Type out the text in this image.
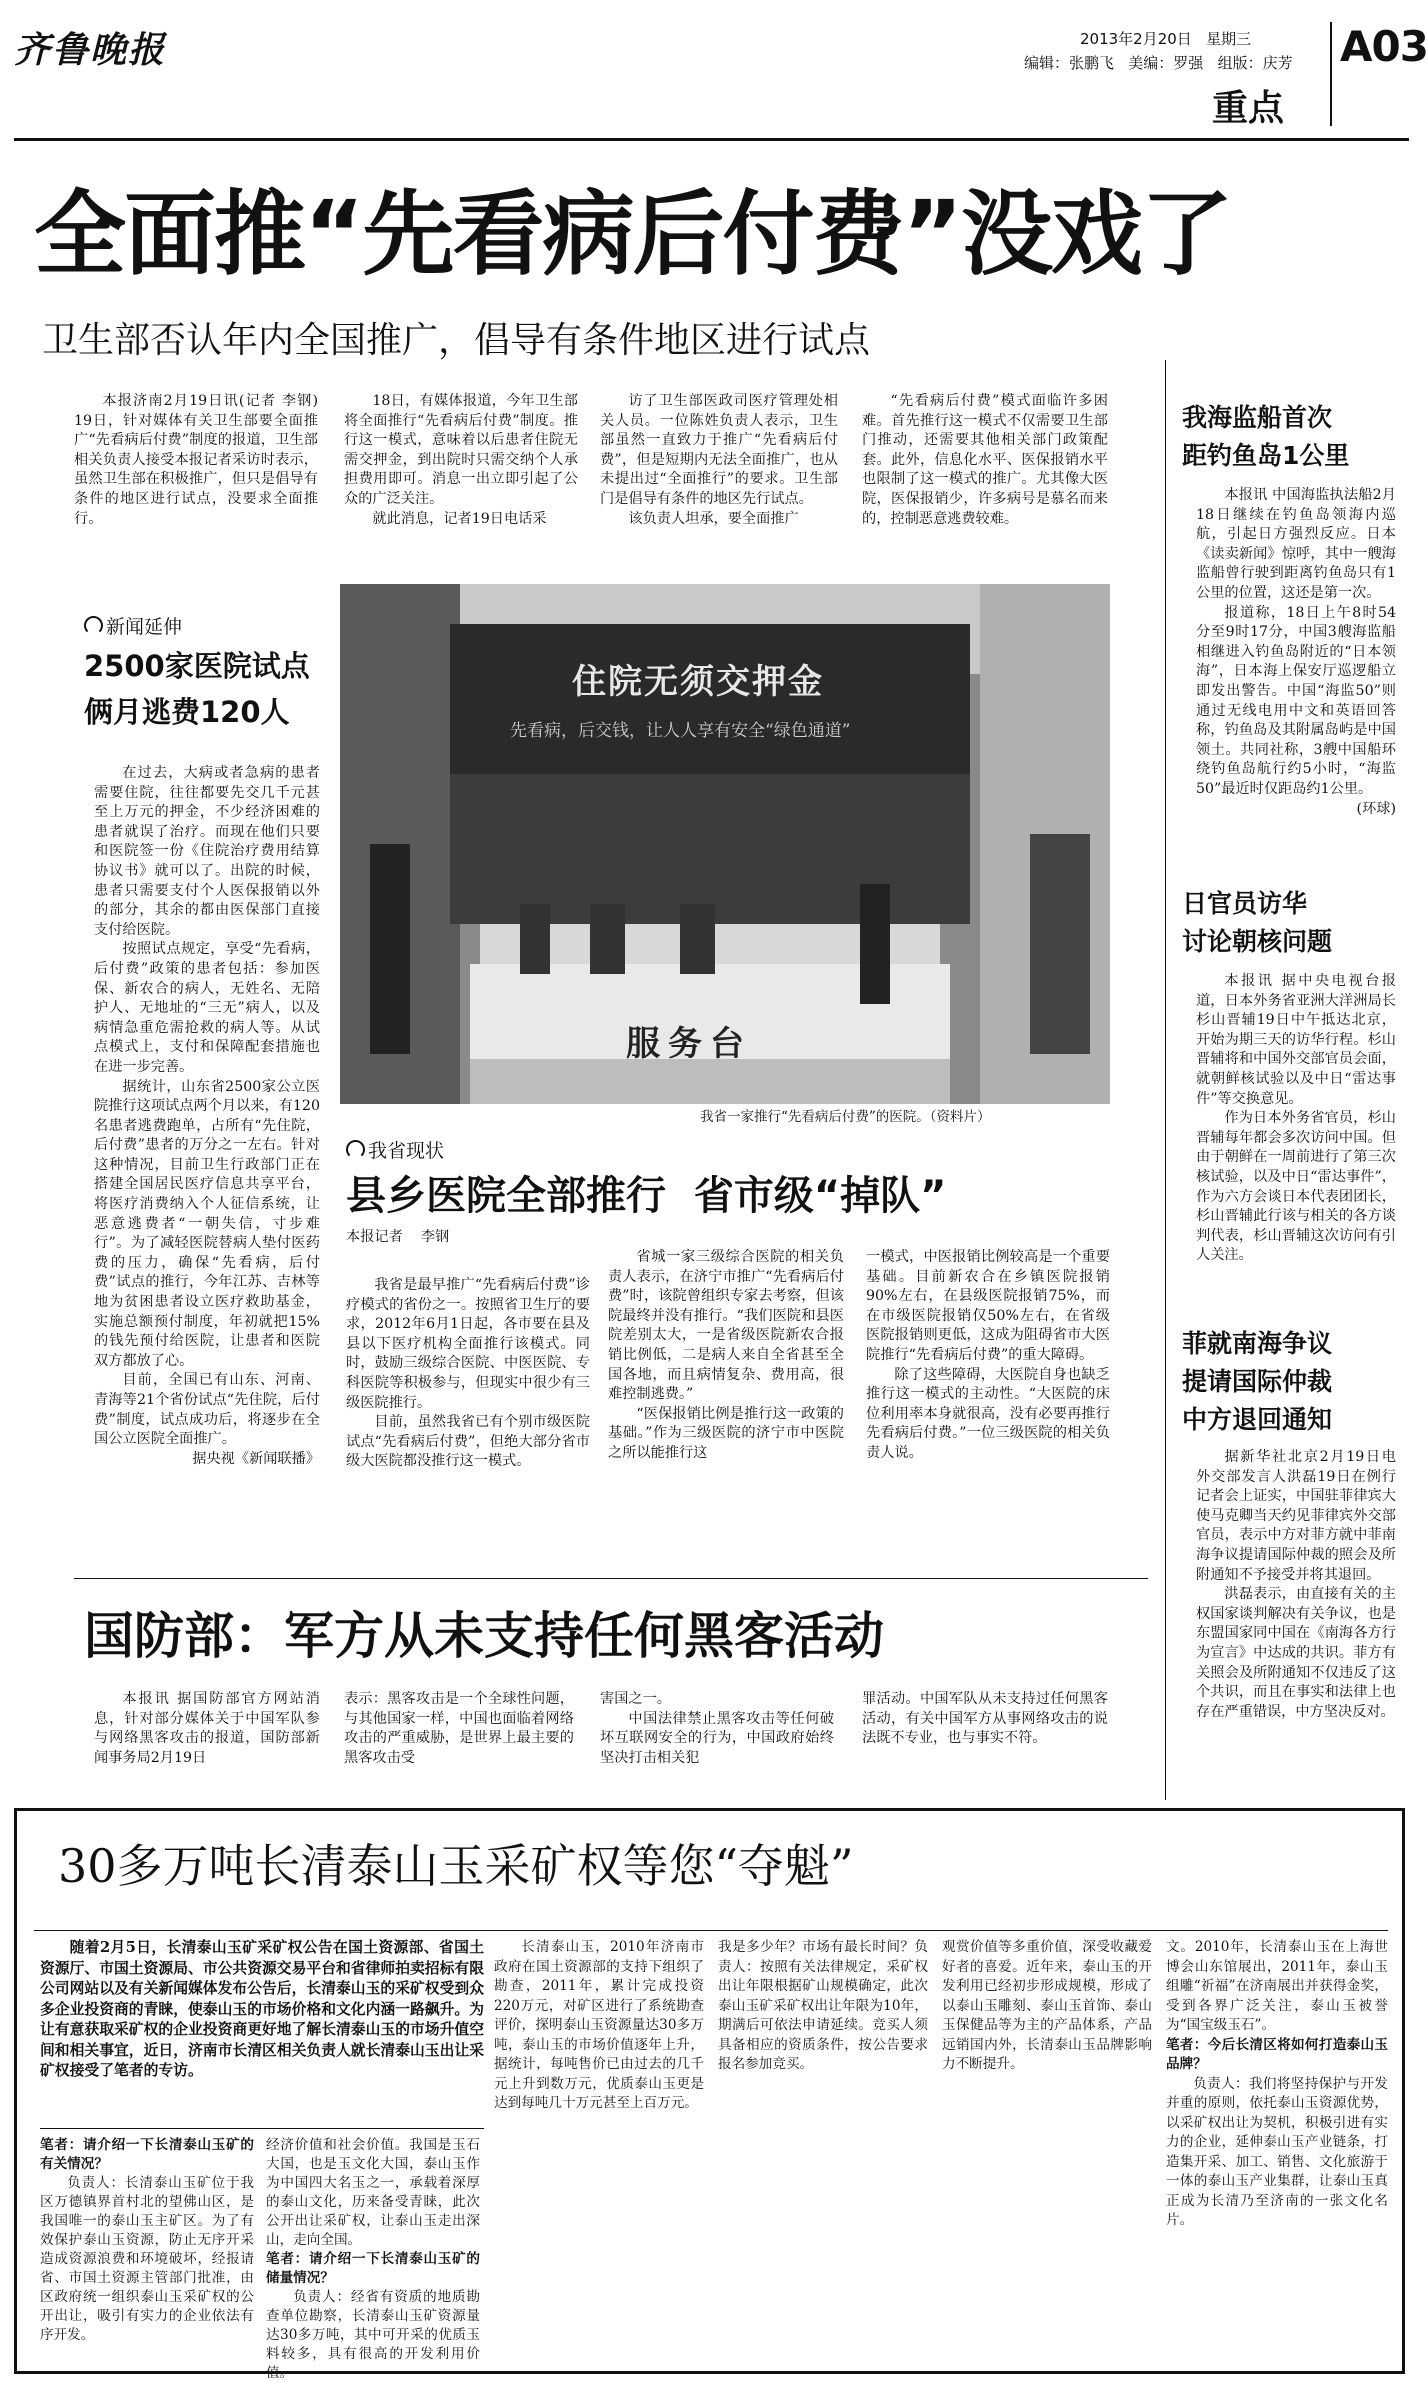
齐鲁晚报	2013年2月20日   星期三
编辑：张鹏飞   美编：罗强   组版：庆芳 A03
重点
全面推“先看病后付费”没戏了
卫生部否认年内全国推广，倡导有条件地区进行试点

本报济南2月19日讯(记者 李钢) 19日，针对媒体有关卫生部要全面推广“先看病后付费”制度的报道，卫生部相关负责人接受本报记者采访时表示，虽然卫生部在积极推广，但只是倡导有条件的地区进行试点，没要求全面推行。

18日，有媒体报道，今年卫生部将全面推行“先看病后付费”制度。推行这一模式，意味着以后患者住院无需交押金，到出院时只需交纳个人承担费用即可。消息一出立即引起了公众的广泛关注。

就此消息，记者19日电话采

访了卫生部医政司医疗管理处相关人员。一位陈姓负责人表示，卫生部虽然一直致力于推广“先看病后付费”，但是短期内无法全面推广，也从未提出过“全面推行”的要求。卫生部门是倡导有条件的地区先行试点。

该负责人坦承，要全面推广

“先看病后付费”模式面临许多困难。首先推行这一模式不仅需要卫生部门推动，还需要其他相关部门政策配套。此外，信息化水平、医保报销水平也限制了这一模式的推广。尤其像大医院，医保报销少，许多病号是慕名而来的，控制恶意逃费较难。

住院无须交押金
先看病，后交钱，让人人享有安全“绿色通道”
服务台
我省一家推行“先看病后付费”的医院。（资料片）
新闻延伸
2500家医院试点
俩月逃费120人

在过去，大病或者急病的患者需要住院，往往都要先交几千元甚至上万元的押金，不少经济困难的患者就误了治疗。而现在他们只要和医院签一份《住院治疗费用结算协议书》就可以了。出院的时候，患者只需要支付个人医保报销以外的部分，其余的都由医保部门直接支付给医院。

按照试点规定，享受“先看病，后付费”政策的患者包括：参加医保、新农合的病人，无姓名、无陪护人、无地址的“三无”病人，以及病情急重危需抢救的病人等。从试点模式上，支付和保障配套措施也在进一步完善。

据统计，山东省2500家公立医院推行这项试点两个月以来，有120名患者逃费跑单，占所有“先住院，后付费”患者的万分之一左右。针对这种情况，目前卫生行政部门正在搭建全国居民医疗信息共享平台，将医疗消费纳入个人征信系统，让恶意逃费者“一朝失信，寸步难行”。为了减轻医院替病人垫付医药费的压力，确保“先看病，后付费”试点的推行，今年江苏、吉林等地为贫困患者设立医疗救助基金，实施总额预付制度，年初就把15%的钱先预付给医院，让患者和医院双方都放了心。

目前，全国已有山东、河南、青海等21个省份试点“先住院，后付费”制度，试点成功后，将逐步在全国公立医院全面推广。

据央视《新闻联播》

我省现状
县乡医院全部推行  省市级“掉队”
本报记者    李钢

我省是最早推广“先看病后付费”诊疗模式的省份之一。按照省卫生厅的要求，2012年6月1日起，各市要在县及县以下医疗机构全面推行该模式。同时，鼓励三级综合医院、中医医院、专科医院等积极参与，但现实中很少有三级医院推行。

目前，虽然我省已有个别市级医院试点“先看病后付费”，但绝大部分省市级大医院都没推行这一模式。

省城一家三级综合医院的相关负责人表示，在济宁市推广“先看病后付费”时，该院曾组织专家去考察，但该院最终并没有推行。“我们医院和县医院差别太大，一是省级医院新农合报销比例低，二是病人来自全省甚至全国各地，而且病情复杂、费用高，很难控制逃费。”

“医保报销比例是推行这一政策的基础。”作为三级医院的济宁市中医院之所以能推行这

一模式，中医报销比例较高是一个重要基础。目前新农合在乡镇医院报销90%左右，在县级医院报销75%，而在市级医院报销仅50%左右，在省级医院报销则更低，这成为阻碍省市大医院推行“先看病后付费”的重大障碍。

除了这些障碍，大医院自身也缺乏推行这一模式的主动性。“大医院的床位利用率本身就很高，没有必要再推行先看病后付费。”一位三级医院的相关负责人说。

我海监船首次
距钓鱼岛1公里

本报讯 中国海监执法船2月18日继续在钓鱼岛领海内巡航，引起日方强烈反应。日本《读卖新闻》惊呼，其中一艘海监船曾行驶到距离钓鱼岛只有1公里的位置，这还是第一次。

报道称，18日上午8时54分至9时17分，中国3艘海监船相继进入钓鱼岛附近的“日本领海”，日本海上保安厅巡逻船立即发出警告。中国“海监50”则通过无线电用中文和英语回答称，钓鱼岛及其附属岛屿是中国领土。共同社称，3艘中国船环绕钓鱼岛航行约5小时，“海监50”最近时仅距岛约1公里。

(环球)

日官员访华
讨论朝核问题

本报讯 据中央电视台报道，日本外务省亚洲大洋洲局长杉山晋辅19日中午抵达北京，开始为期三天的访华行程。杉山晋辅将和中国外交部官员会面，就朝鲜核试验以及中日“雷达事件”等交换意见。

作为日本外务省官员，杉山晋辅每年都会多次访问中国。但由于朝鲜在一周前进行了第三次核试验，以及中日“雷达事件”，作为六方会谈日本代表团团长，杉山晋辅此行该与相关的各方谈判代表，杉山晋辅这次访问有引人关注。

菲就南海争议
提请国际仲裁
中方退回通知

据新华社北京2月19日电 外交部发言人洪磊19日在例行记者会上证实，中国驻菲律宾大使马克卿当天约见菲律宾外交部官员，表示中方对菲方就中菲南海争议提请国际仲裁的照会及所附通知不予接受并将其退回。

洪磊表示，由直接有关的主权国家谈判解决有关争议，也是东盟国家同中国在《南海各方行为宣言》中达成的共识。菲方有关照会及所附通知不仅违反了这个共识，而且在事实和法律上也存在严重错误，中方坚决反对。

国防部：军方从未支持任何黑客活动

本报讯 据国防部官方网站消息，针对部分媒体关于中国军队参与网络黑客攻击的报道，国防部新闻事务局2月19日

表示：黑客攻击是一个全球性问题，与其他国家一样，中国也面临着网络攻击的严重威胁，是世界上最主要的黑客攻击受

害国之一。

中国法律禁止黑客攻击等任何破坏互联网安全的行为，中国政府始终坚决打击相关犯

罪活动。中国军队从未支持过任何黑客活动，有关中国军方从事网络攻击的说法既不专业，也与事实不符。

30多万吨长清泰山玉采矿权等您“夺魁”

随着2月5日，长清泰山玉矿采矿权公告在国土资源部、省国土资源厅、市国土资源局、市公共资源交易平台和省律师拍卖招标有限公司网站以及有关新闻媒体发布公告后，长清泰山玉的采矿权受到众多企业投资商的青睐，使泰山玉的市场价格和文化内涵一路飙升。为让有意获取采矿权的企业投资商更好地了解长清泰山玉的市场升值空间和相关事宜，近日，济南市长清区相关负责人就长清泰山玉出让采矿权接受了笔者的专访。

笔者：请介绍一下长清泰山玉矿的有关情况？

负责人：长清泰山玉矿位于我区万德镇界首村北的望佛山区，是我国唯一的泰山玉主矿区。为了有效保护泰山玉资源，防止无序开采造成资源浪费和环境破坏，经报请省、市国土资源主管部门批准，由区政府统一组织泰山玉采矿权的公开出让，吸引有实力的企业依法有序开发。

经济价值和社会价值。我国是玉石大国，也是玉文化大国，泰山玉作为中国四大名玉之一，承载着深厚的泰山文化，历来备受青睐，此次公开出让采矿权，让泰山玉走出深山，走向全国。

笔者：请介绍一下长清泰山玉矿的储量情况？

负责人：经省有资质的地质勘查单位勘察，长清泰山玉矿资源量达30多万吨，其中可开采的优质玉料较多，具有很高的开发利用价值。

长清泰山玉，2010年济南市政府在国土资源部的支持下组织了勘查，2011年，累计完成投资220万元，对矿区进行了系统勘查评价，探明泰山玉资源量达30多万吨，泰山玉的市场价值逐年上升，据统计，每吨售价已由过去的几千元上升到数万元，优质泰山玉更是达到每吨几十万元甚至上百万元。

我是多少年？市场有最长时间？负责人：按照有关法律规定，采矿权出让年限根据矿山规模确定，此次泰山玉矿采矿权出让年限为10年，期满后可依法申请延续。竞买人须具备相应的资质条件，按公告要求报名参加竞买。

观赏价值等多重价值，深受收藏爱好者的喜爱。近年来，泰山玉的开发利用已经初步形成规模，形成了以泰山玉雕刻、泰山玉首饰、泰山玉保健品等为主的产品体系，产品远销国内外，长清泰山玉品牌影响力不断提升。

文。2010年，长清泰山玉在上海世博会山东馆展出，2011年，泰山玉组雕“祈福”在济南展出并获得金奖，受到各界广泛关注，泰山玉被誉为“国宝级玉石”。

笔者：今后长清区将如何打造泰山玉品牌？

负责人：我们将坚持保护与开发并重的原则，依托泰山玉资源优势，以采矿权出让为契机，积极引进有实力的企业，延伸泰山玉产业链条，打造集开采、加工、销售、文化旅游于一体的泰山玉产业集群，让泰山玉真正成为长清乃至济南的一张文化名片。
